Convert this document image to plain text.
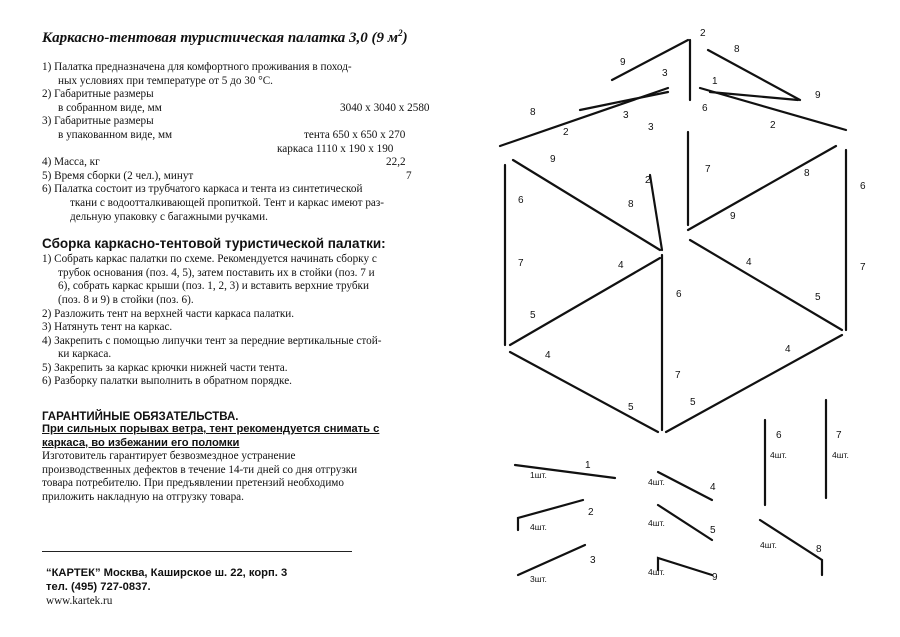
Каркасно-тентовая туристическая палатка 3,0 (9 $м^2$)
1) Палатка предназначена для комфортного проживания в поход-
ных условиях при температуре от 5 до 30 °С.
2) Габаритные размеры
в собранном виде, мм	3040 х 3040 х 2580
3) Габаритные размеры
в упакованном виде, мм	тента 650 х 650 х 270
каркаса 1110 х 190 х 190
4) Масса, кг	22,2
5) Время сборки (2 чел.), минут	7
6) Палатка состоит из трубчатого каркаса и тента из синтетической
ткани с водоотталкивающей пропиткой. Тент и каркас имеют раз-
дельную упаковку с багажными ручками.
Сборка каркасно-тентовой туристической палатки:
1) Собрать каркас палатки по схеме. Рекомендуется начинать сборку с
трубок основания (поз. 4, 5), затем поставить их в стойки (поз. 7 и
6), собрать каркас крыши (поз. 1, 2, 3) и вставить верхние трубки
(поз. 8 и 9) в стойки (поз. 6).
2) Разложить тент на верхней части каркаса палатки.
3) Натянуть тент на каркас.
4) Закрепить с помощью липучки тент за передние вертикальные стой-
ки каркаса.
5) Закрепить за каркас крючки нижней части тента.
6) Разборку палатки выполнить в обратном порядке.
ГАРАНТИЙНЫЕ ОБЯЗАТЕЛЬСТВА.
При сильных порывах ветра, тент рекомендуется снимать с
каркаса, во избежании его поломки
Изготовитель гарантирует безвозмездное устранение
производственных дефектов в течение 14-ти дней со дня отгрузки
товара потребителю. При предъявлении претензий необходимо
приложить накладную на отгрузку товара.
“КАРТЕК” Москва, Каширское ш. 22, корп. 3
тел. (495) 727-0837.
www.kartek.ru
1
2
2
2
2
3
3
3
4	4
4
4
5
5
5	5
6
6
6
6
7
7	7
7
8
8
8
8
9
9
9
9
1
1шт.
2
4шт.
3
3шт.
4
4шт.
5
4шт.
9
4шт.
6
4шт.
7
4шт.
8
4шт.
